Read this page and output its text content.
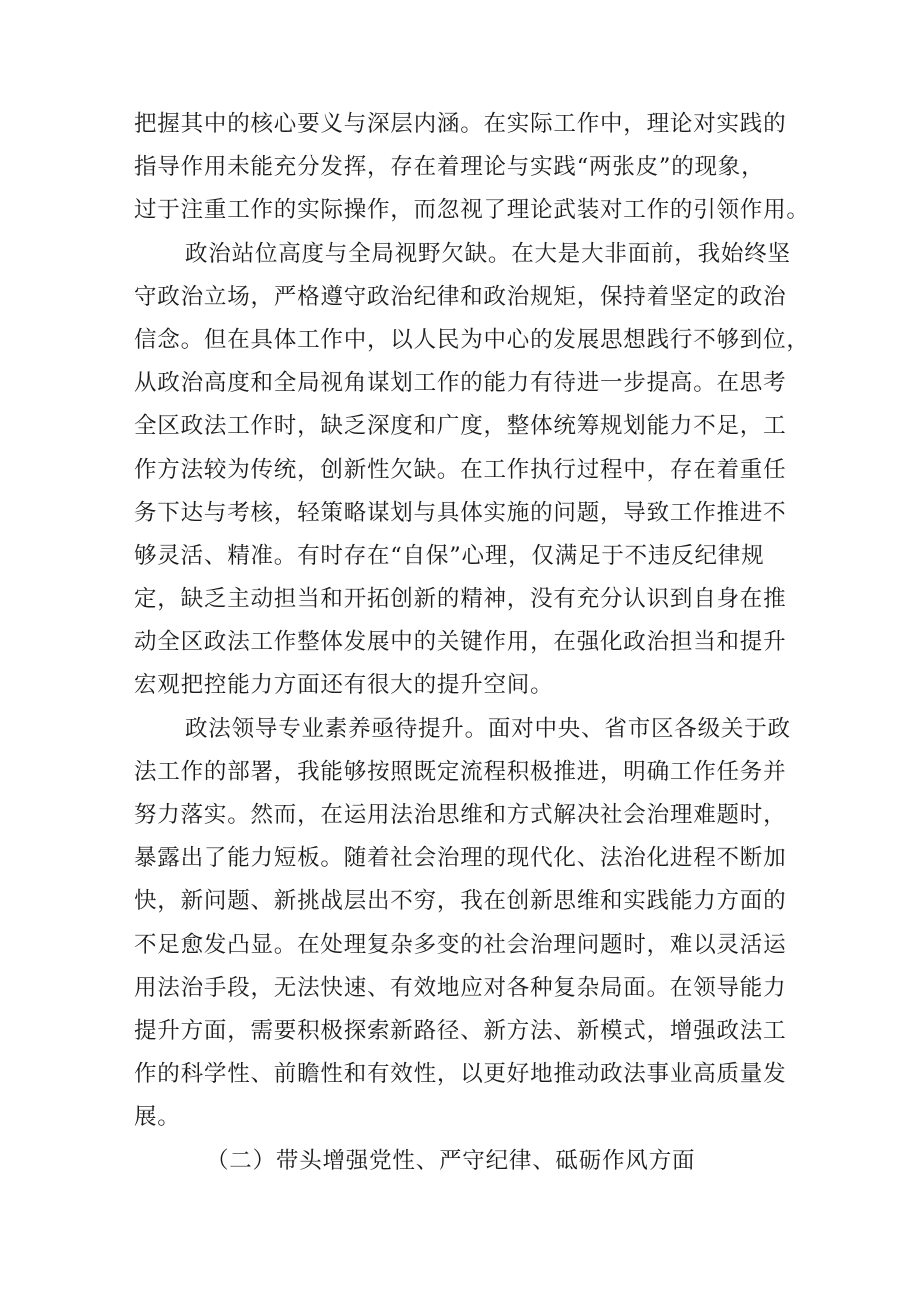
把握其中的核心要义与深层内涵。在实际工作中，理论对实践的
指导作用未能充分发挥，存在着理论与实践“两张皮”的现象，
过于注重工作的实际操作，而忽视了理论武装对工作的引领作用。
政治站位高度与全局视野欠缺。在大是大非面前，我始终坚
守政治立场，严格遵守政治纪律和政治规矩，保持着坚定的政治
信念。但在具体工作中，以人民为中心的发展思想践行不够到位，
从政治高度和全局视角谋划工作的能力有待进一步提高。在思考
全区政法工作时，缺乏深度和广度，整体统筹规划能力不足，工
作方法较为传统，创新性欠缺。在工作执行过程中，存在着重任
务下达与考核，轻策略谋划与具体实施的问题，导致工作推进不
够灵活、精准。有时存在“自保”心理，仅满足于不违反纪律规
定，缺乏主动担当和开拓创新的精神，没有充分认识到自身在推
动全区政法工作整体发展中的关键作用，在强化政治担当和提升
宏观把控能力方面还有很大的提升空间。
政法领导专业素养亟待提升。面对中央、省市区各级关于政
法工作的部署，我能够按照既定流程积极推进，明确工作任务并
努力落实。然而，在运用法治思维和方式解决社会治理难题时，
暴露出了能力短板。随着社会治理的现代化、法治化进程不断加
快，新问题、新挑战层出不穷，我在创新思维和实践能力方面的
不足愈发凸显。在处理复杂多变的社会治理问题时，难以灵活运
用法治手段，无法快速、有效地应对各种复杂局面。在领导能力
提升方面，需要积极探索新路径、新方法、新模式，增强政法工
作的科学性、前瞻性和有效性，以更好地推动政法事业高质量发
展。
（二）带头增强党性、严守纪律、砥砺作风方面
